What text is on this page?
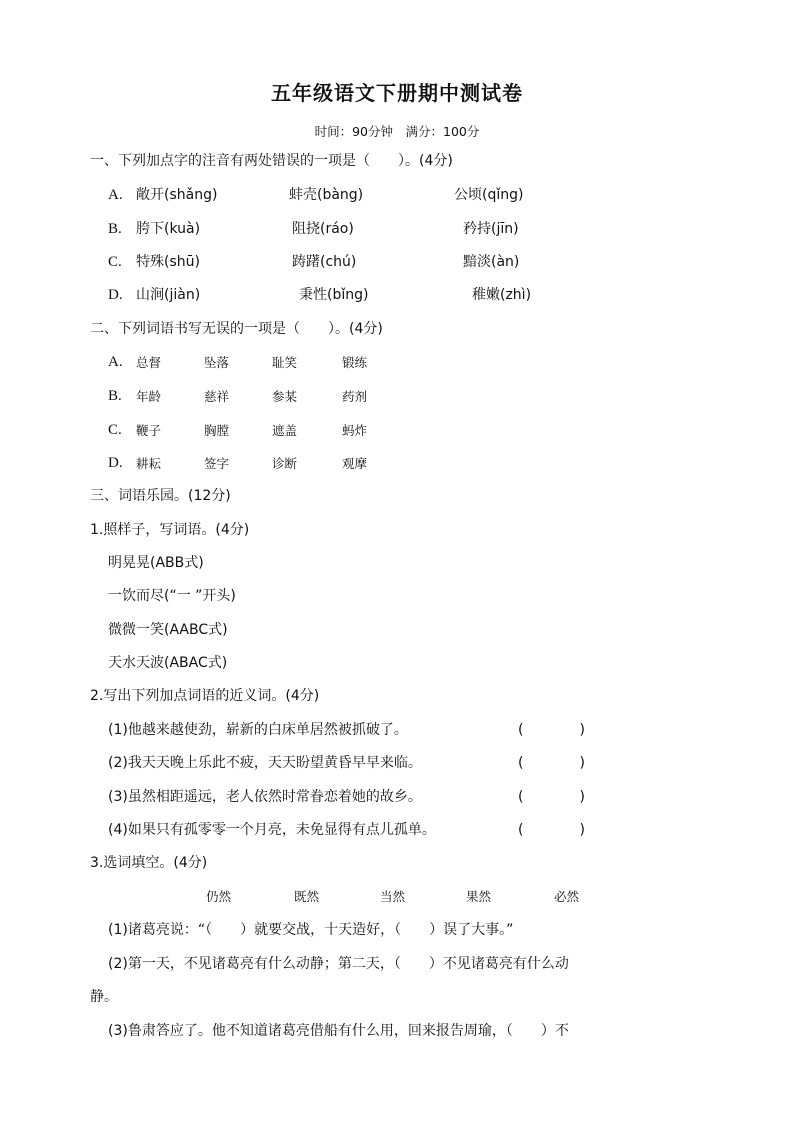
五年级语文下册期中测试卷
时间：90分钟　满分：100分
一、下列加点字的注音有两处错误的一项是（　　）。(4分)
A. 敞开(shǎng)	蚌壳(bàng)	公顷(qǐng)
B. 胯下(kuà)	阻挠(ráo)	矜持(jīn)
C. 特殊(shū)	踌躇(chú)	黯淡(àn)
D. 山涧(jiàn)	秉性(bǐng)	稚嫩(zhì)
二、下列词语书写无误的一项是（　　）。(4分)
A. 总督	坠落	耻笑	锻练
B. 年龄	慈祥	参某	药剂
C. 鞭子	胸膛	遮盖	蚂炸
D. 耕耘	签字	诊断	观摩
三、词语乐园。(12分)
1.照样子，写词语。(4分)
明晃晃(ABB式)
一饮而尽(“一 ”开头)
微微一笑(AABC式)
天水天波(ABAC式)
2.写出下列加点词语的近义词。(4分)
(1)他越来越使劲，崭新的白床单居然被抓破了。	(　　　　)
(2)我天天晚上乐此不疲，天天盼望黄昏早早来临。	(　　　　)
(3)虽然相距遥远，老人依然时常眷恋着她的故乡。	(　　　　)
(4)如果只有孤零零一个月亮，未免显得有点儿孤单。	(　　　　)
3.选词填空。(4分)
仍然	既然	当然	果然	必然
(1)诸葛亮说：“（　　）就要交战，十天造好，（　　）误了大事。”
(2)第一天，不见诸葛亮有什么动静；第二天，（　　）不见诸葛亮有什么动
静。
(3)鲁肃答应了。他不知道诸葛亮借船有什么用，回来报告周瑜，（　　）不
